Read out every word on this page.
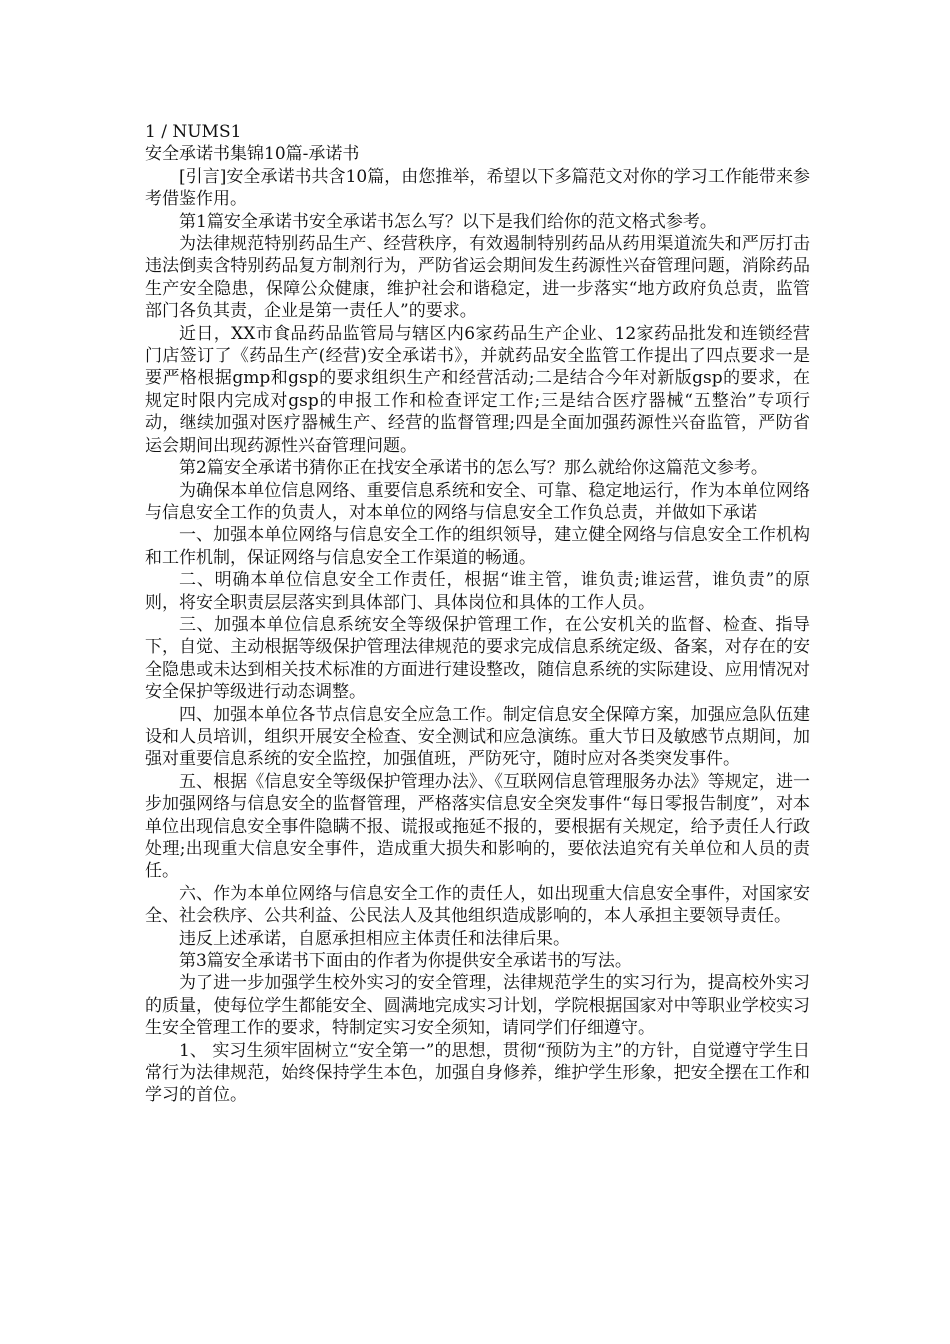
1 / NUMS1

安全承诺书集锦10篇-承诺书

[引言]安全承诺书共含10篇，由您推举，希望以下多篇范文对你的学习工作能带来参考借鉴作用。

第1篇安全承诺书安全承诺书怎么写？以下是我们给你的范文格式参考。

为法律规范特别药品生产、经营秩序，有效遏制特别药品从药用渠道流失和严厉打击违法倒卖含特别药品复方制剂行为，严防省运会期间发生药源性兴奋管理问题，消除药品生产安全隐患，保障公众健康，维护社会和谐稳定，进一步落实“地方政府负总责，监管部门各负其责，企业是第一责任人”的要求。

近日，XX市食品药品监管局与辖区内6家药品生产企业、12家药品批发和连锁经营门店签订了《药品生产(经营)安全承诺书》，并就药品安全监管工作提出了四点要求一是要严格根据gmp和gsp的要求组织生产和经营活动;二是结合今年对新版gsp的要求，在规定时限内完成对gsp的申报工作和检查评定工作;三是结合医疗器械“五整治”专项行动，继续加强对医疗器械生产、经营的监督管理;四是全面加强药源性兴奋监管，严防省运会期间出现药源性兴奋管理问题。

第2篇安全承诺书猜你正在找安全承诺书的怎么写？那么就给你这篇范文参考。

为确保本单位信息网络、重要信息系统和安全、可靠、稳定地运行，作为本单位网络与信息安全工作的负责人，对本单位的网络与信息安全工作负总责，并做如下承诺

一、加强本单位网络与信息安全工作的组织领导，建立健全网络与信息安全工作机构和工作机制，保证网络与信息安全工作渠道的畅通。

二、明确本单位信息安全工作责任，根据“谁主管，谁负责;谁运营，谁负责”的原则，将安全职责层层落实到具体部门、具体岗位和具体的工作人员。

三、加强本单位信息系统安全等级保护管理工作，在公安机关的监督、检查、指导下，自觉、主动根据等级保护管理法律规范的要求完成信息系统定级、备案，对存在的安全隐患或未达到相关技术标准的方面进行建设整改，随信息系统的实际建设、应用情况对安全保护等级进行动态调整。

四、加强本单位各节点信息安全应急工作。制定信息安全保障方案，加强应急队伍建设和人员培训，组织开展安全检查、安全测试和应急演练。重大节日及敏感节点期间，加强对重要信息系统的安全监控，加强值班，严防死守，随时应对各类突发事件。

五、根据《信息安全等级保护管理办法》、《互联网信息管理服务办法》等规定，进一步加强网络与信息安全的监督管理，严格落实信息安全突发事件“每日零报告制度”，对本单位出现信息安全事件隐瞒不报、谎报或拖延不报的，要根据有关规定，给予责任人行政处理;出现重大信息安全事件，造成重大损失和影响的，要依法追究有关单位和人员的责任。

六、作为本单位网络与信息安全工作的责任人，如出现重大信息安全事件，对国家安全、社会秩序、公共利益、公民法人及其他组织造成影响的，本人承担主要领导责任。

违反上述承诺，自愿承担相应主体责任和法律后果。

第3篇安全承诺书下面由的作者为你提供安全承诺书的写法。

为了进一步加强学生校外实习的安全管理，法律规范学生的实习行为，提高校外实习的质量，使每位学生都能安全、圆满地完成实习计划，学院根据国家对中等职业学校实习生安全管理工作的要求，特制定实习安全须知，请同学们仔细遵守。

1、 实习生须牢固树立“安全第一”的思想，贯彻“预防为主”的方针，自觉遵守学生日常行为法律规范，始终保持学生本色，加强自身修养，维护学生形象，把安全摆在工作和学习的首位。
